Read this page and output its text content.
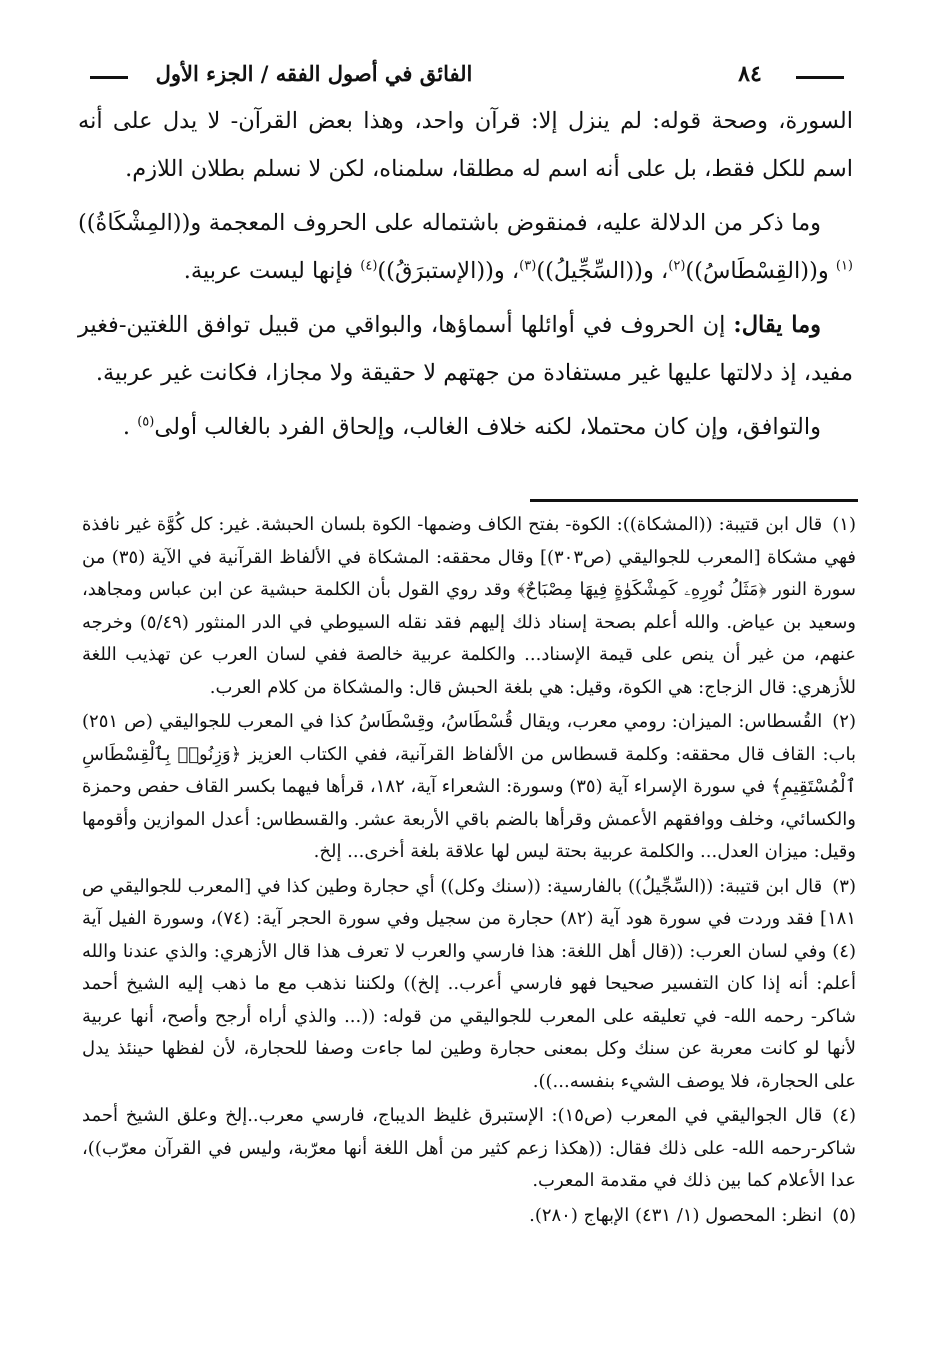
الفائق في أصول الفقه / الجزء الأول	٨٤

السورة، وصحة قوله: لم ينزل إلا: قرآن واحد، وهذا بعض القرآن- لا يدل على أنه اسم للكل فقط، بل على أنه اسم له مطلقا، سلمناه، لكن لا نسلم بطلان اللازم.

وما ذكر من الدلالة عليه، فمنقوض باشتماله على الحروف المعجمة و((المِشْكَاةُ))$^{(١)}$ و((القِسْطَاسُ))$^{(٢)}$، و((السِّجِّيلُ))$^{(٣)}$، و((الإستبرَقُ))$^{(٤)}$ فإنها ليست عربية.

وما يقال: إن الحروف في أوائلها أسماؤها، والبواقي من قبيل توافق اللغتين-فغير مفيد، إذ دلالتها عليها غير مستفادة من جهتهم لا حقيقة ولا مجازا، فكانت غير عربية.

والتوافق، وإن كان محتملا، لكنه خلاف الغالب، وإلحاق الفرد بالغالب أولى$^{(٥)}$ .

(١)قال ابن قتيبة: ((المشكاة)): الكوة- بفتح الكاف وضمها- الكوة بلسان الحبشة. غير: كل كُوَّة غير نافذة فهي مشكاة [المعرب للجواليقي (ص٣٠٣)] وقال محققه: المشكاة في الألفاظ القرآنية في الآية (٣٥) من سورة النور ﴿مَثَلُ نُورِهِۦ كَمِشْكَوٰةٍ فِيهَا مِصْبَاحٌ﴾ وقد روي القول بأن الكلمة حبشية عن ابن عباس ومجاهد، وسعيد بن عياض. والله أعلم بصحة إسناد ذلك إليهم فقد نقله السيوطي في الدر المنثور (٥/٤٩) وخرجه عنهم، من غير أن ينص على قيمة الإسناد... والكلمة عربية خالصة ففي لسان العرب عن تهذيب اللغة للأزهري: قال الزجاج: هي الكوة، وقيل: هي بلغة الحبش قال: والمشكاة من كلام العرب.
(٢)القُسطاس: الميزان: رومي معرب، ويقال قُسْطَاسُ، وقِسْطَاسُ كذا في المعرب للجواليقي (ص ٢٥١) باب: القاف قال محققه: وكلمة قسطاس من الألفاظ القرآنية، ففي الكتاب العزيز ﴿وَزِنُوا۟ بِٱلْقِسْطَاسِ ٱلْمُسْتَقِيمِ﴾ في سورة الإسراء آية (٣٥) وسورة: الشعراء آية، ١٨٢، قرأها فيهما بكسر القاف حفص وحمزة والكسائي، وخلف ووافقهم الأعمش وقرأها بالضم باقي الأربعة عشر. والقسطاس: أعدل الموازين وأقومها وقيل: ميزان العدل... والكلمة عربية بحتة ليس لها علاقة بلغة أخرى... إلخ.
(٣)قال ابن قتيبة: ((السِّجِّيلُ)) بالفارسية: ((سنك وكل)) أي حجارة وطين كذا في [المعرب للجواليقي ص ١٨١] فقد وردت في سورة هود آية (٨٢) حجارة من سجيل وفي سورة الحجر آية: (٧٤)، وسورة الفيل آية (٤) وفي لسان العرب: ((قال أهل اللغة: هذا فارسي والعرب لا تعرف هذا قال الأزهري: والذي عندنا والله أعلم: أنه إذا كان التفسير صحيحا فهو فارسي أعرب.. إلخ)) ولكننا نذهب مع ما ذهب إليه الشيخ أحمد شاكر- رحمه الله- في تعليقه على المعرب للجواليقي من قوله: ((... والذي أراه أرجح وأصح، أنها عربية لأنها لو كانت معربة عن سنك وكل بمعنى حجارة وطين لما جاءت وصفا للحجارة، لأن لفظها حينئذ يدل على الحجارة، فلا يوصف الشيء بنفسه...)).
(٤)قال الجواليقي في المعرب (ص١٥): الإستبرق غليظ الديباج، فارسي معرب..إلخ وعلق الشيخ أحمد شاكر-رحمه الله- على ذلك فقال: ((هكذا زعم كثير من أهل اللغة أنها معرّبة، وليس في القرآن معرّب))، عدا الأعلام كما بين ذلك في مقدمة المعرب.
(٥)انظر: المحصول (١/ ٤٣١) الإبهاج (٢٨٠).
